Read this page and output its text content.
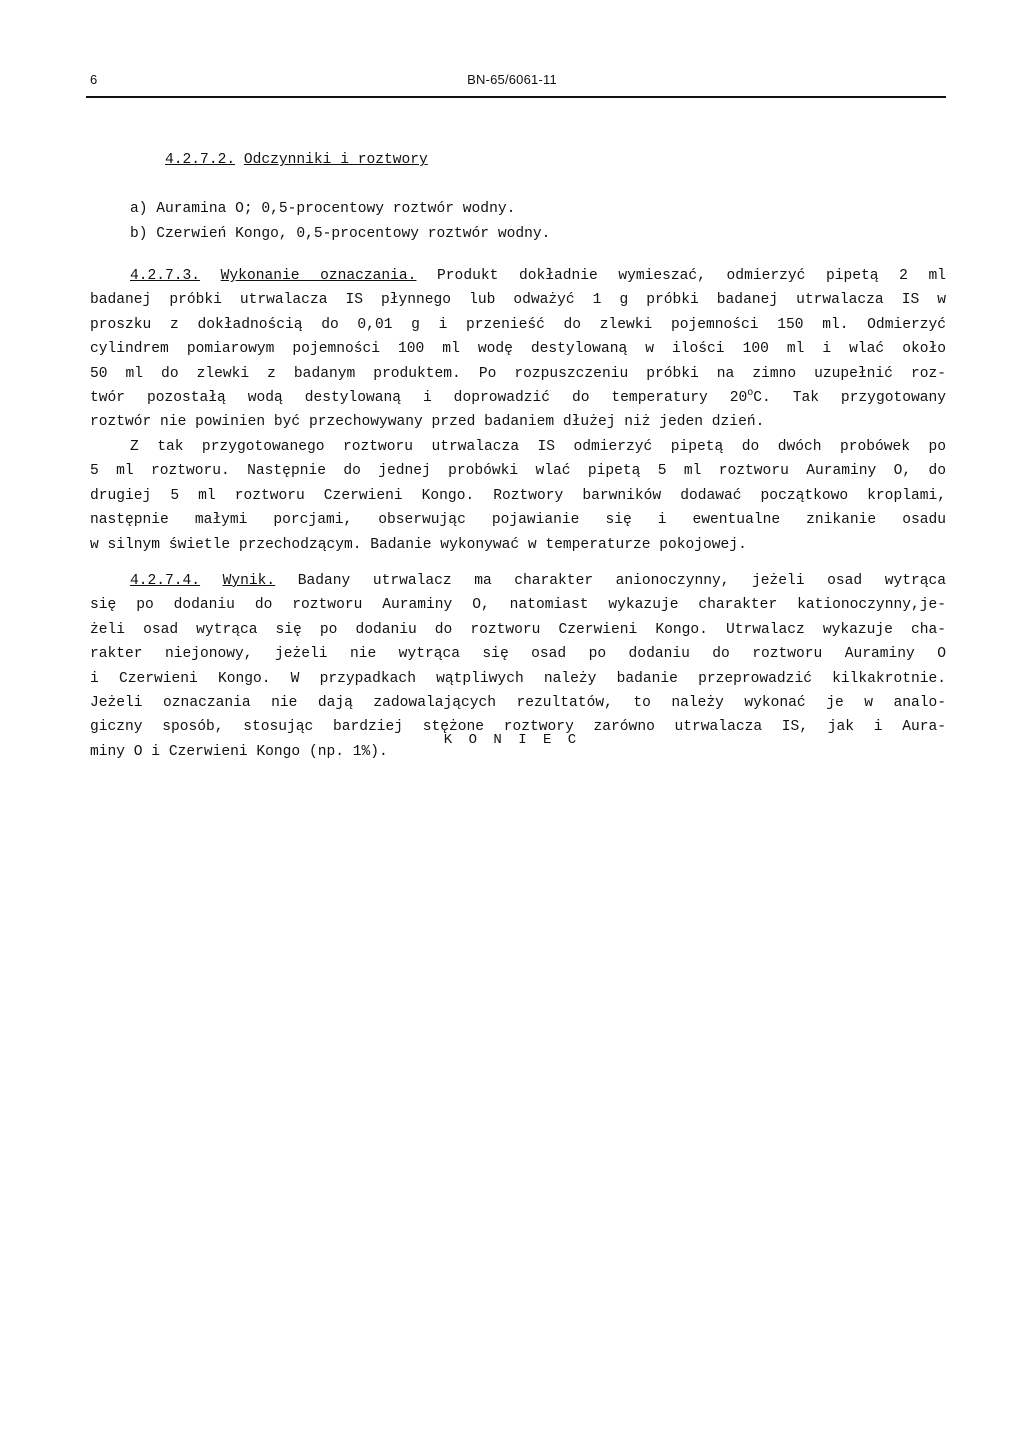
6	BN-65/6061-11

4.2.7.2. Odczynniki i roztwory

a) Auramina O; 0,5-procentowy roztwór wodny.
b) Czerwień Kongo, 0,5-procentowy roztwór wodny.
4.2.7.3. Wykonanie oznaczania. Produkt dokładnie wymieszać, odmierzyć pipetą 2 ml
badanej próbki utrwalacza IS płynnego lub odważyć 1 g próbki badanej utrwalacza IS w
proszku z dokładnością do 0,01 g i przenieść do zlewki pojemności 150 ml. Odmierzyć
cylindrem pomiarowym pojemności 100 ml wodę destylowaną w ilości 100 ml i wlać około
50 ml do zlewki z badanym produktem. Po rozpuszczeniu próbki na zimno uzupełnić roz-
twór pozostałą wodą destylowaną i doprowadzić do temperatury 20$^o$C. Tak przygotowany
roztwór nie powinien być przechowywany przed badaniem dłużej niż jeden dzień.
Z tak przygotowanego roztworu utrwalacza IS odmierzyć pipetą do dwóch probówek po
5 ml roztworu. Następnie do jednej probówki wlać pipetą 5 ml roztworu Auraminy O, do
drugiej 5 ml roztworu Czerwieni Kongo. Roztwory barwników dodawać początkowo kroplami,
następnie małymi porcjami, obserwując pojawianie się i ewentualne znikanie osadu
w silnym świetle przechodzącym. Badanie wykonywać w temperaturze pokojowej.
4.2.7.4. Wynik. Badany utrwalacz ma charakter anionoczynny, jeżeli osad wytrąca
się po dodaniu do roztworu Auraminy O, natomiast wykazuje charakter kationoczynny,je-
żeli osad wytrąca się po dodaniu do roztworu Czerwieni Kongo. Utrwalacz wykazuje cha-
rakter niejonowy, jeżeli nie wytrąca się osad po dodaniu do roztworu Auraminy O
i Czerwieni Kongo. W przypadkach wątpliwych należy badanie przeprowadzić kilkakrotnie.
Jeżeli oznaczania nie dają zadowalających rezultatów, to należy wykonać je w analo-
giczny sposób, stosując bardziej stężone roztwory zarówno utrwalacza IS, jak i Aura-
miny O i Czerwieni Kongo (np. 1%).
K O N I E C
